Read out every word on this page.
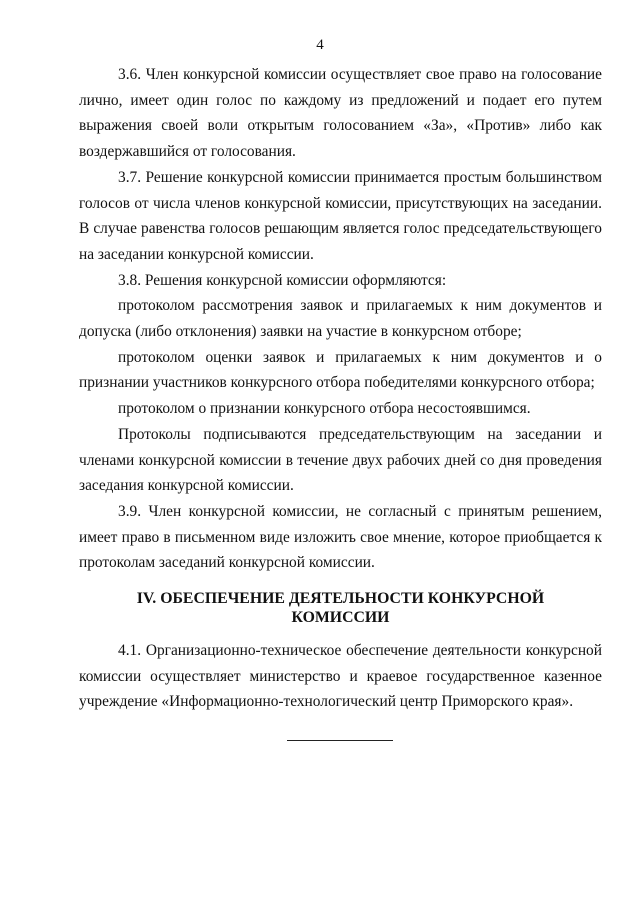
4

3.6. Член конкурсной комиссии осуществляет свое право на голосование лично, имеет один голос по каждому из предложений и подает его путем выражения своей воли открытым голосованием «За», «Против» либо как воздержавшийся от голосования.

3.7. Решение конкурсной комиссии принимается простым большинством голосов от числа членов конкурсной комиссии, присутствующих на заседании. В случае равенства голосов решающим является голос председательствующего на заседании конкурсной комиссии.

3.8. Решения конкурсной комиссии оформляются:

протоколом рассмотрения заявок и прилагаемых к ним документов и допуска (либо отклонения) заявки на участие в конкурсном отборе;

протоколом оценки заявок и прилагаемых к ним документов и о признании участников конкурсного отбора победителями конкурсного отбора;

протоколом о признании конкурсного отбора несостоявшимся.

Протоколы подписываются председательствующим на заседании и членами конкурсной комиссии в течение двух рабочих дней со дня проведения заседания конкурсной комиссии.

3.9. Член конкурсной комиссии, не согласный с принятым решением, имеет право в письменном виде изложить свое мнение, которое приобщается к протоколам заседаний конкурсной комиссии.

IV. ОБЕСПЕЧЕНИЕ ДЕЯТЕЛЬНОСТИ КОНКУРСНОЙ
КОМИССИИ

4.1. Организационно-техническое обеспечение деятельности конкурсной комиссии осуществляет министерство и краевое государственное казенное учреждение «Информационно-технологический центр Приморского края».
